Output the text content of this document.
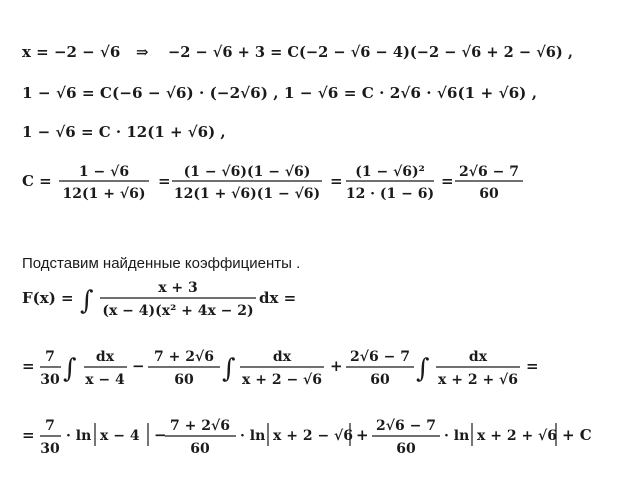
x = −2 − √6 ⇒ −2 − √6 + 3 = C(−2 − √6 − 4)(−2 − √6 + 2 − √6) ,
1 − √6 = C(−6 − √6) · (−2√6) , 1 − √6 = C · 2√6 · √6(1 + √6) ,
1 − √6 = C · 12(1 + √6) ,
C = 1 − √6
12(1 + √6)
= (1 − √6)(1 − √6)
12(1 + √6)(1 − √6)
= (1 − √6)²
12 · (1 − 6)
= 2√6 − 7
60
Подставим найденные коэффициенты .
F(x) = ∫	x + 3
(x − 4)(x² + 4x − 2)
dx =
= 7
30 ∫ dx
x − 4
− 7 + 2√6
60 ∫	dx
x + 2 − √6
+ 2√6 − 7
60 ∫	dx
x + 2 + √6
=
= 7
30
· ln x − 4 − 7 + 2√6
60
· ln x + 2 − √6 + 2√6 − 7
60
· ln x + 2 + √6 + C
